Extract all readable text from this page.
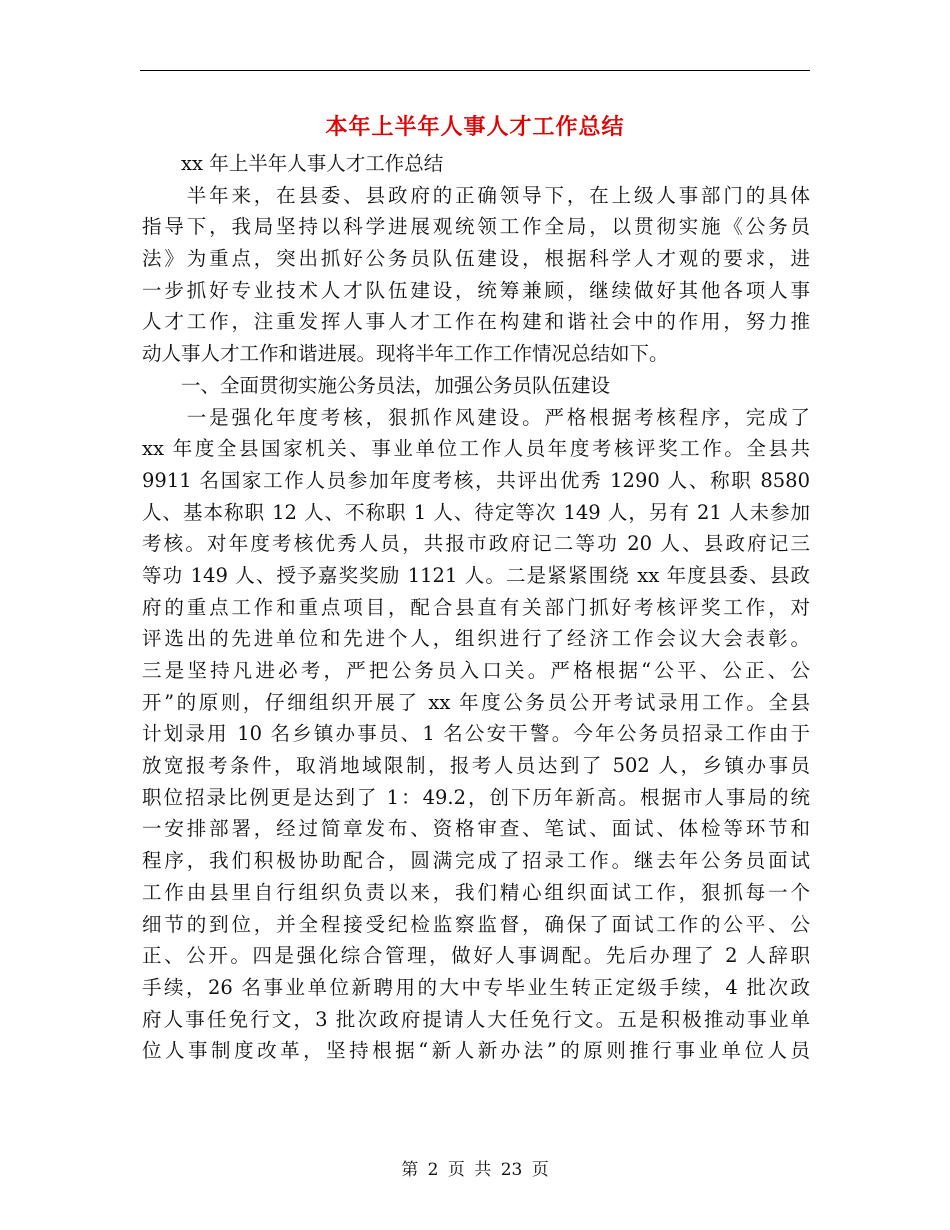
本年上半年人事人才工作总结
　　xx 年上半年人事人才工作总结
　　半年来，在县委、县政府的正确领导下，在上级人事部门的具体
指导下，我局坚持以科学进展观统领工作全局，以贯彻实施《公务员
法》为重点，突出抓好公务员队伍建设，根据科学人才观的要求，进
一步抓好专业技术人才队伍建设，统筹兼顾，继续做好其他各项人事
人才工作，注重发挥人事人才工作在构建和谐社会中的作用，努力推
动人事人才工作和谐进展。现将半年工作工作情况总结如下。
　　一、全面贯彻实施公务员法，加强公务员队伍建设
　　一是强化年度考核，狠抓作风建设。严格根据考核程序，完成了
xx 年度全县国家机关、事业单位工作人员年度考核评奖工作。全县共
9911 名国家工作人员参加年度考核，共评出优秀 1290 人、称职 8580
人、基本称职 12 人、不称职 1 人、待定等次 149 人，另有 21 人未参加
考核。对年度考核优秀人员，共报市政府记二等功 20 人、县政府记三
等功 149 人、授予嘉奖奖励 1121 人。二是紧紧围绕 xx 年度县委、县政
府的重点工作和重点项目，配合县直有关部门抓好考核评奖工作，对
评选出的先进单位和先进个人，组织进行了经济工作会议大会表彰。
三是坚持凡进必考，严把公务员入口关。严格根据“公平、公正、公
开”的原则，仔细组织开展了 xx 年度公务员公开考试录用工作。全县
计划录用 10 名乡镇办事员、1 名公安干警。今年公务员招录工作由于
放宽报考条件，取消地域限制，报考人员达到了 502 人，乡镇办事员
职位招录比例更是达到了 1：49.2，创下历年新高。根据市人事局的统
一安排部署，经过简章发布、资格审查、笔试、面试、体检等环节和
程序，我们积极协助配合，圆满完成了招录工作。继去年公务员面试
工作由县里自行组织负责以来，我们精心组织面试工作，狠抓每一个
细节的到位，并全程接受纪检监察监督，确保了面试工作的公平、公
正、公开。四是强化综合管理，做好人事调配。先后办理了 2 人辞职
手续，26 名事业单位新聘用的大中专毕业生转正定级手续，4 批次政
府人事任免行文，3 批次政府提请人大任免行文。五是积极推动事业单
位人事制度改革，坚持根据“新人新办法”的原则推行事业单位人员
第 2 页 共 23 页
